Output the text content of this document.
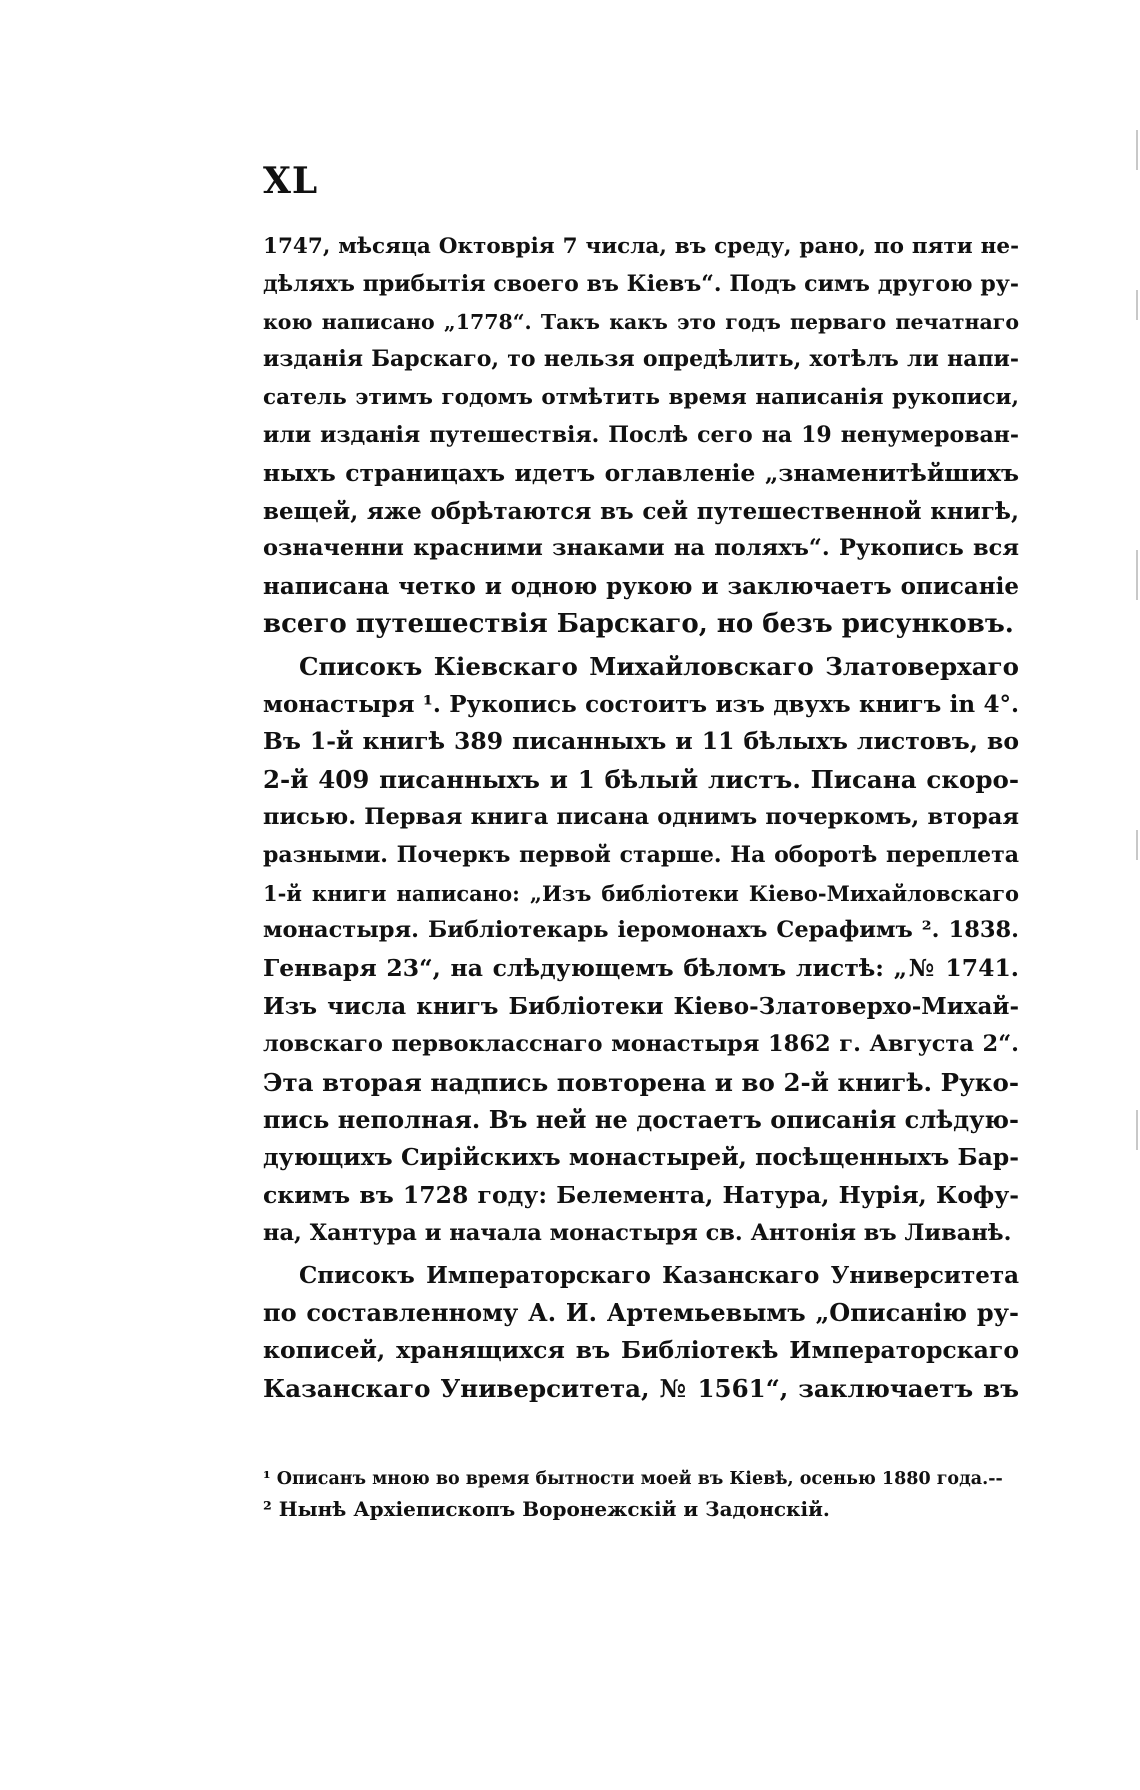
XL
1747, мѣсяца Октоврія 7 числа, въ среду, рано, по пяти не-
дѣляхъ прибытія своего въ Кіевъ“. Подъ симъ другою ру-
кою написано „1778“. Такъ какъ это годъ перваго печатнаго
изданія Барскаго, то нельзя опредѣлить, хотѣлъ ли напи-
сатель этимъ годомъ отмѣтить время написанія рукописи,
или изданія путешествія. Послѣ сего на 19 ненумерован-
ныхъ страницахъ идетъ оглавленіе „знаменитѣйшихъ
вещей, яже обрѣтаются въ сей путешественной книгѣ,
означенни красними знаками на поляхъ“. Рукопись вся
написана четко и одною рукою и заключаетъ описаніе
всего путешествія Барскаго, но безъ рисунковъ.
Списокъ Кіевскаго Михайловскаго Златоверхаго
монастыря ¹. Рукопись состоитъ изъ двухъ книгъ in 4°.
Въ 1-й книгѣ 389 писанныхъ и 11 бѣлыхъ листовъ, во
2-й 409 писанныхъ и 1 бѣлый листъ. Писана скоро-
писью. Первая книга писана однимъ почеркомъ, вторая
разными. Почеркъ первой старше. На оборотѣ переплета
1-й книги написано: „Изъ библіотеки Кіево-Михайловскаго
монастыря. Библіотекарь іеромонахъ Серафимъ ². 1838.
Генваря 23“, на слѣдующемъ бѣломъ листѣ: „№ 1741.
Изъ числа книгъ Библіотеки Кіево-Златоверхо-Михай-
ловскаго первокласснаго монастыря 1862 г. Августа 2“.
Эта вторая надпись повторена и во 2-й книгѣ. Руко-
пись неполная. Въ ней не достаетъ описанія слѣдую-
дующихъ Сирійскихъ монастырей, посѣщенныхъ Бар-
скимъ въ 1728 году: Белемента, Натура, Нурія, Кофу-
на, Хантура и начала монастыря св. Антонія въ Ливанѣ.
Списокъ Императорскаго Казанскаго Университета
по составленному А. И. Артемьевымъ „Описанію ру-
кописей, хранящихся въ Библіотекѣ Императорскаго
Казанскаго Университета, № 1561“, заключаетъ въ
¹ Описанъ мною во время бытности моей въ Кіевѣ, осенью 1880 года.--
² Нынѣ Архіепископъ Воронежскій и Задонскій.
